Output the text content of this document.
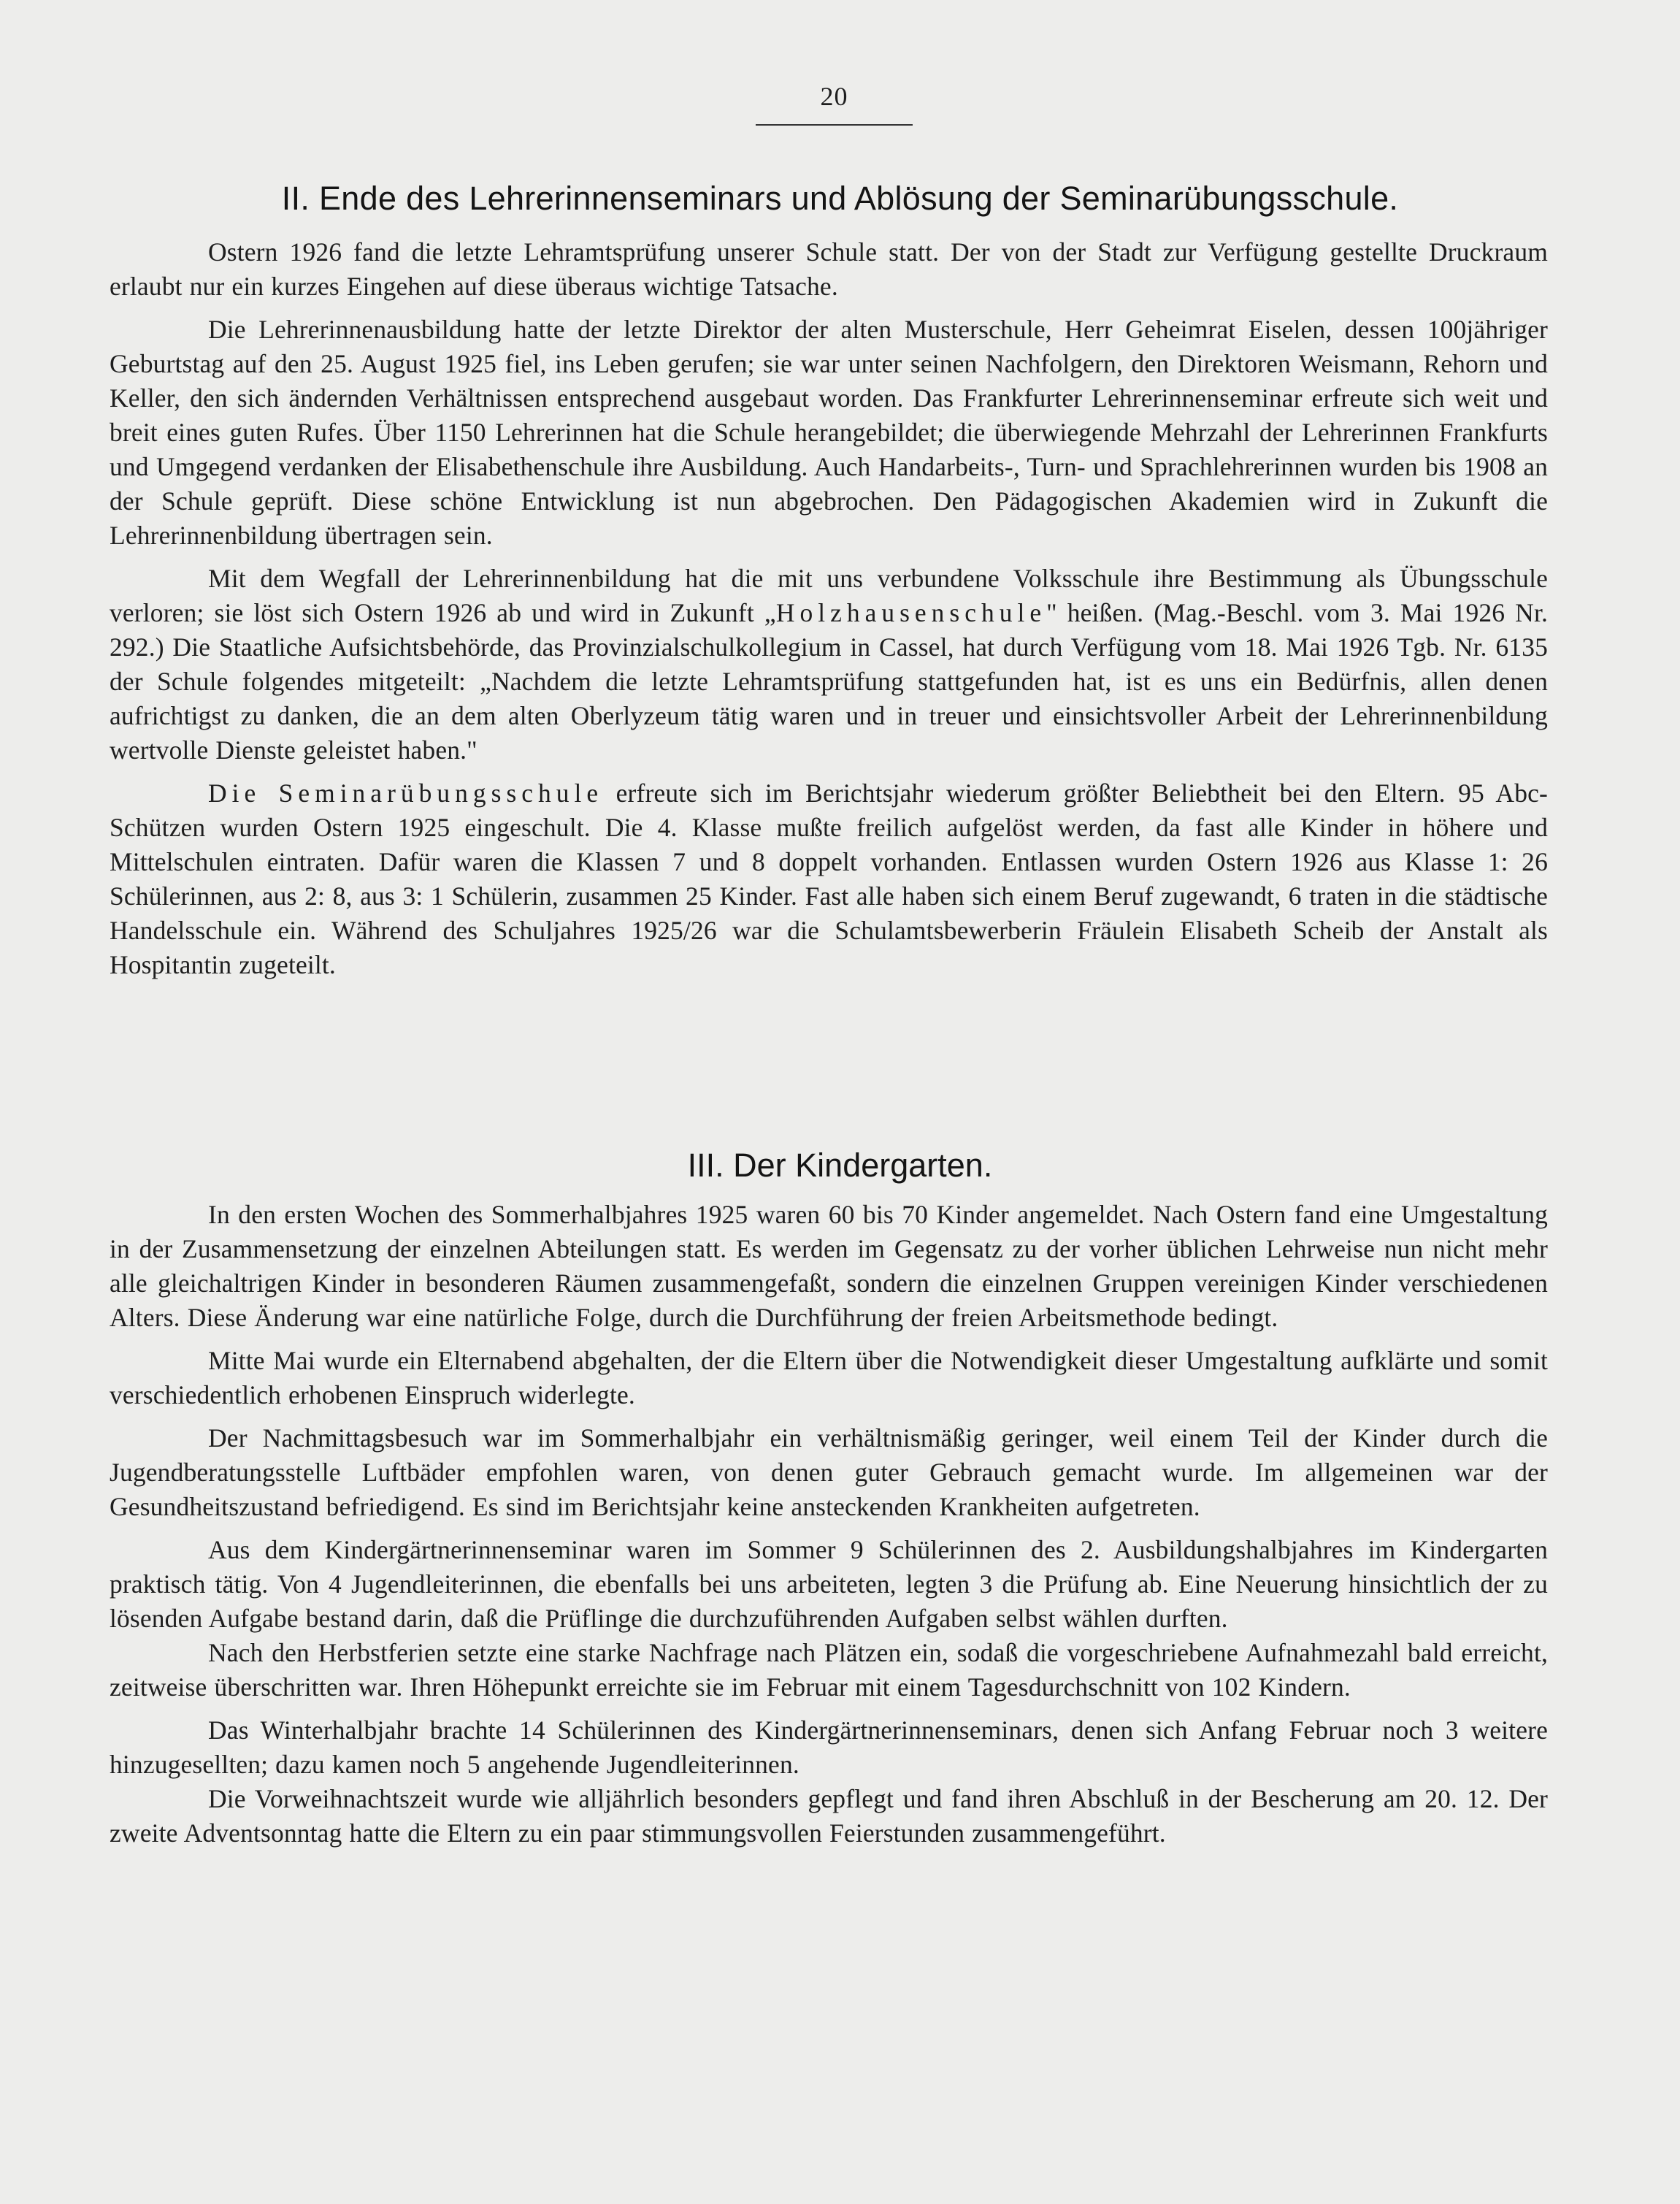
20
II. Ende des Lehrerinnenseminars und Ablösung der Seminarübungsschule.

Ostern 1926 fand die letzte Lehramtsprüfung unserer Schule statt. Der von der Stadt zur Verfügung gestellte Druckraum erlaubt nur ein kurzes Eingehen auf diese überaus wichtige Tatsache.

Die Lehrerinnenausbildung hatte der letzte Direktor der alten Musterschule, Herr Geheimrat Eiselen, dessen 100jähriger Geburtstag auf den 25. August 1925 fiel, ins Leben gerufen; sie war unter seinen Nachfolgern, den Direktoren Weismann, Rehorn und Keller, den sich ändernden Verhältnissen entsprechend ausgebaut worden. Das Frankfurter Lehrerinnenseminar erfreute sich weit und breit eines guten Rufes. Über 1150 Lehrerinnen hat die Schule herangebildet; die überwiegende Mehrzahl der Lehrerinnen Frankfurts und Umgegend verdanken der Elisabethenschule ihre Ausbildung. Auch Handarbeits-, Turn- und Sprachlehrerinnen wurden bis 1908 an der Schule geprüft. Diese schöne Entwicklung ist nun abgebrochen. Den Pädagogischen Akademien wird in Zukunft die Lehrerinnenbildung übertragen sein.

Mit dem Wegfall der Lehrerinnenbildung hat die mit uns verbundene Volksschule ihre Bestimmung als Übungsschule verloren; sie löst sich Ostern 1926 ab und wird in Zukunft „Holzhausenschule" heißen. (Mag.-Beschl. vom 3. Mai 1926 Nr. 292.) Die Staatliche Aufsichtsbehörde, das Provinzialschulkollegium in Cassel, hat durch Verfügung vom 18. Mai 1926 Tgb. Nr. 6135 der Schule folgendes mitgeteilt: „Nachdem die letzte Lehramtsprüfung stattgefunden hat, ist es uns ein Bedürfnis, allen denen aufrichtigst zu danken, die an dem alten Oberlyzeum tätig waren und in treuer und einsichtsvoller Arbeit der Lehrerinnenbildung wertvolle Dienste geleistet haben."

Die Seminarübungsschule erfreute sich im Berichtsjahr wiederum größter Beliebtheit bei den Eltern. 95 Abc-Schützen wurden Ostern 1925 eingeschult. Die 4. Klasse mußte freilich aufgelöst werden, da fast alle Kinder in höhere und Mittelschulen eintraten. Dafür waren die Klassen 7 und 8 doppelt vorhanden. Entlassen wurden Ostern 1926 aus Klasse 1: 26 Schülerinnen, aus 2: 8, aus 3: 1 Schülerin, zusammen 25 Kinder. Fast alle haben sich einem Beruf zugewandt, 6 traten in die städtische Handelsschule ein. Während des Schuljahres 1925/26 war die Schulamtsbewerberin Fräulein Elisabeth Scheib der Anstalt als Hospitantin zugeteilt.

III. Der Kindergarten.

In den ersten Wochen des Sommerhalbjahres 1925 waren 60 bis 70 Kinder angemeldet. Nach Ostern fand eine Umgestaltung in der Zusammensetzung der einzelnen Abteilungen statt. Es werden im Gegensatz zu der vorher üblichen Lehrweise nun nicht mehr alle gleichaltrigen Kinder in besonderen Räumen zusammengefaßt, sondern die einzelnen Gruppen vereinigen Kinder verschiedenen Alters. Diese Änderung war eine natürliche Folge, durch die Durchführung der freien Arbeitsmethode bedingt.

Mitte Mai wurde ein Elternabend abgehalten, der die Eltern über die Notwendigkeit dieser Umgestaltung aufklärte und somit verschiedentlich erhobenen Einspruch widerlegte.

Der Nachmittagsbesuch war im Sommerhalbjahr ein verhältnismäßig geringer, weil einem Teil der Kinder durch die Jugendberatungsstelle Luftbäder empfohlen waren, von denen guter Gebrauch gemacht wurde. Im allgemeinen war der Gesundheitszustand befriedigend. Es sind im Berichtsjahr keine ansteckenden Krankheiten aufgetreten.

Aus dem Kindergärtnerinnenseminar waren im Sommer 9 Schülerinnen des 2. Ausbildungshalbjahres im Kindergarten praktisch tätig. Von 4 Jugendleiterinnen, die ebenfalls bei uns arbeiteten, legten 3 die Prüfung ab. Eine Neuerung hinsichtlich der zu lösenden Aufgabe bestand darin, daß die Prüflinge die durchzuführenden Aufgaben selbst wählen durften.

Nach den Herbstferien setzte eine starke Nachfrage nach Plätzen ein, sodaß die vorgeschriebene Aufnahmezahl bald erreicht, zeitweise überschritten war. Ihren Höhepunkt erreichte sie im Februar mit einem Tagesdurchschnitt von 102 Kindern.

Das Winterhalbjahr brachte 14 Schülerinnen des Kindergärtnerinnenseminars, denen sich Anfang Februar noch 3 weitere hinzugesellten; dazu kamen noch 5 angehende Jugendleiterinnen.

Die Vorweihnachtszeit wurde wie alljährlich besonders gepflegt und fand ihren Abschluß in der Bescherung am 20. 12. Der zweite Adventsonntag hatte die Eltern zu ein paar stimmungsvollen Feierstunden zusammengeführt.
